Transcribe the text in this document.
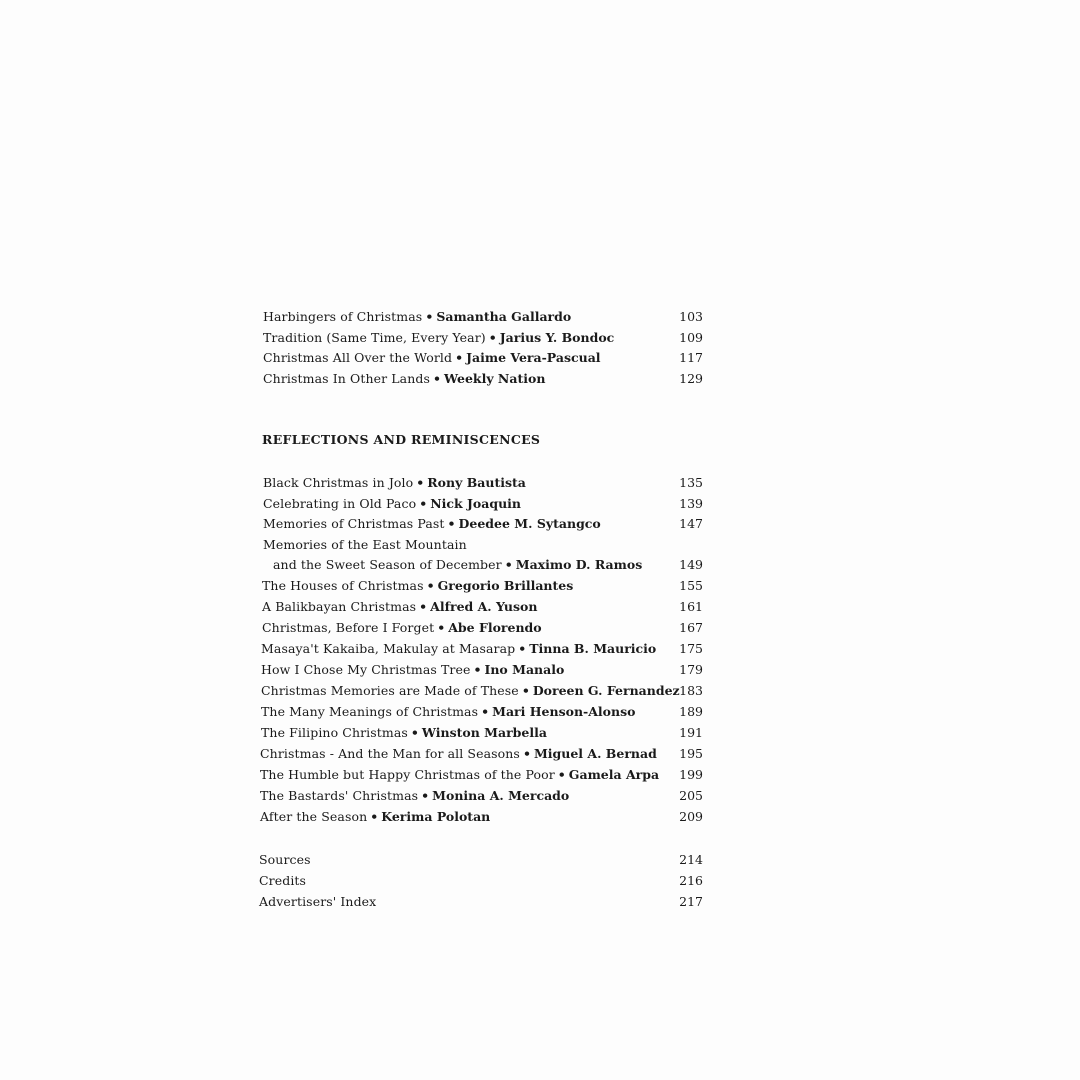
Harbingers of Christmas • Samantha Gallardo	103
Tradition (Same Time, Every Year) • Jarius Y. Bondoc	109
Christmas All Over the World • Jaime Vera-Pascual	117
Christmas In Other Lands • Weekly Nation	129
REFLECTIONS AND REMINISCENCES
Black Christmas in Jolo • Rony Bautista	135
Celebrating in Old Paco • Nick Joaquin	139
Memories of Christmas Past • Deedee M. Sytangco	147
Memories of the East Mountain
and the Sweet Season of December • Maximo D. Ramos	149
The Houses of Christmas • Gregorio Brillantes	155
A Balikbayan Christmas • Alfred A. Yuson	161
Christmas, Before I Forget • Abe Florendo	167
Masaya't Kakaiba, Makulay at Masarap • Tinna B. Mauricio	175
How I Chose My Christmas Tree • Ino Manalo	179
Christmas Memories are Made of These • Doreen G. Fernandez 183
The Many Meanings of Christmas • Mari Henson-Alonso	189
The Filipino Christmas • Winston Marbella	191
Christmas - And the Man for all Seasons • Miguel A. Bernad	195
The Humble but Happy Christmas of the Poor • Gamela Arpa	199
The Bastards' Christmas • Monina A. Mercado	205
After the Season • Kerima Polotan	209
Sources	214
Credits	216
Advertisers' Index	217
